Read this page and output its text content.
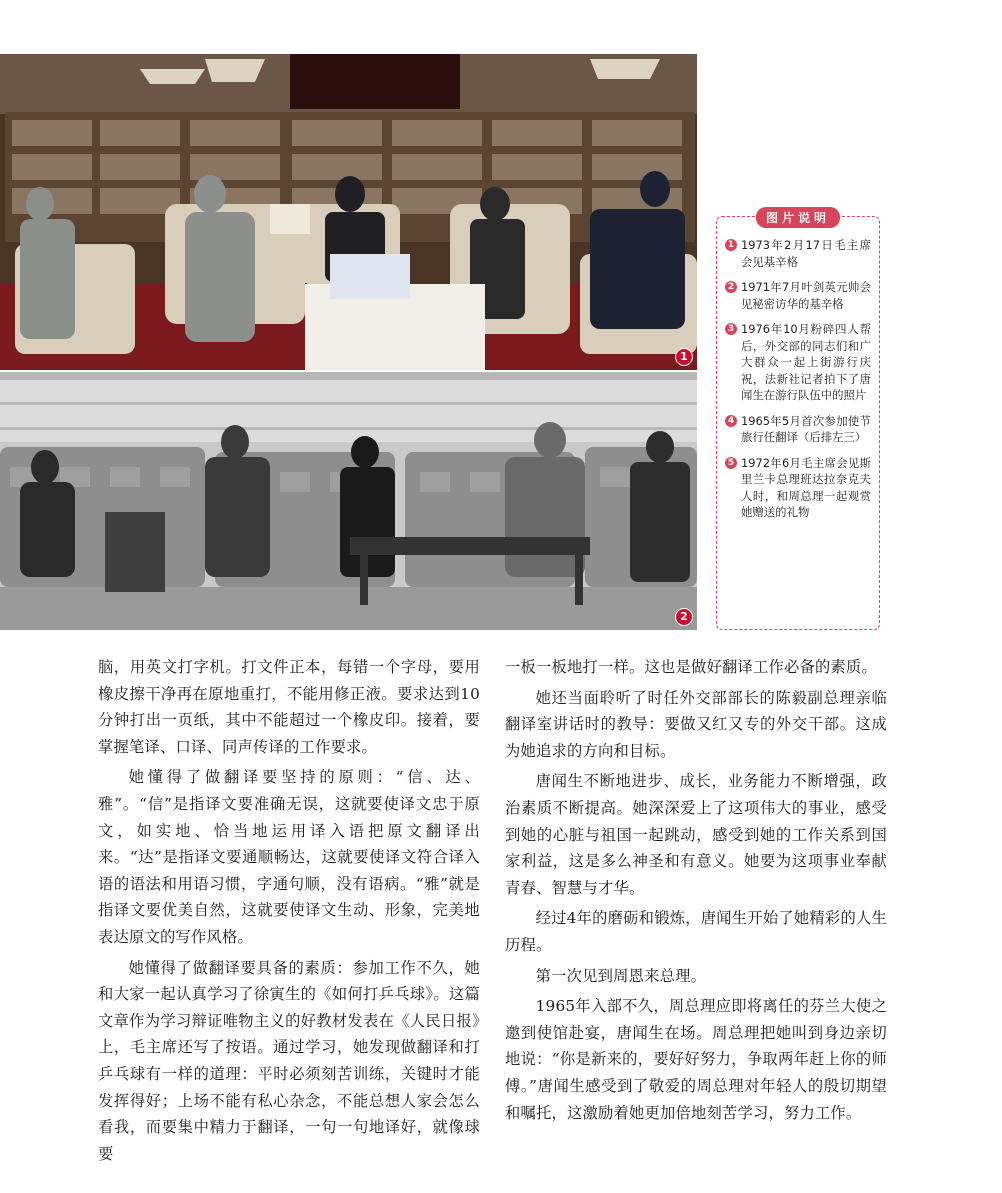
1
2
图片说明
1 1973年2月17日毛主席会见基辛格
2 1971年7月叶剑英元帅会见秘密访华的基辛格
3 1976年10月粉碎四人帮后，外交部的同志们和广大群众一起上街游行庆祝，法新社记者拍下了唐闻生在游行队伍中的照片
4 1965年5月首次参加使节旅行任翻译（后排左三）
5 1972年6月毛主席会见斯里兰卡总理班达拉奈克夫人时，和周总理一起观赏她赠送的礼物

脑，用英文打字机。打文件正本，每错一个字母，要用橡皮擦干净再在原地重打，不能用修正液。要求达到10分钟打出一页纸，其中不能超过一个橡皮印。接着，要掌握笔译、口译、同声传译的工作要求。

她懂得了做翻译要坚持的原则：“信、达、雅”。“信”是指译文要准确无误，这就要使译文忠于原文，如实地、恰当地运用译入语把原文翻译出来。“达”是指译文要通顺畅达，这就要使译文符合译入语的语法和用语习惯，字通句顺，没有语病。“雅”就是指译文要优美自然，这就要使译文生动、形象，完美地表达原文的写作风格。

她懂得了做翻译要具备的素质：参加工作不久，她和大家一起认真学习了徐寅生的《如何打乒乓球》。这篇文章作为学习辩证唯物主义的好教材发表在《人民日报》上，毛主席还写了按语。通过学习，她发现做翻译和打乒乓球有一样的道理：平时必须刻苦训练，关键时才能发挥得好；上场不能有私心杂念，不能总想人家会怎么看我，而要集中精力于翻译，一句一句地译好，就像球要

一板一板地打一样。这也是做好翻译工作必备的素质。

她还当面聆听了时任外交部部长的陈毅副总理亲临翻译室讲话时的教导：要做又红又专的外交干部。这成为她追求的方向和目标。

唐闻生不断地进步、成长，业务能力不断增强，政治素质不断提高。她深深爱上了这项伟大的事业，感受到她的心脏与祖国一起跳动，感受到她的工作关系到国家利益，这是多么神圣和有意义。她要为这项事业奉献青春、智慧与才华。

经过4年的磨砺和锻炼，唐闻生开始了她精彩的人生历程。

第一次见到周恩来总理。

1965年入部不久，周总理应即将离任的芬兰大使之邀到使馆赴宴，唐闻生在场。周总理把她叫到身边亲切地说：“你是新来的，要好好努力，争取两年赶上你的师傅。”唐闻生感受到了敬爱的周总理对年轻人的殷切期望和嘱托，这激励着她更加倍地刻苦学习，努力工作。
